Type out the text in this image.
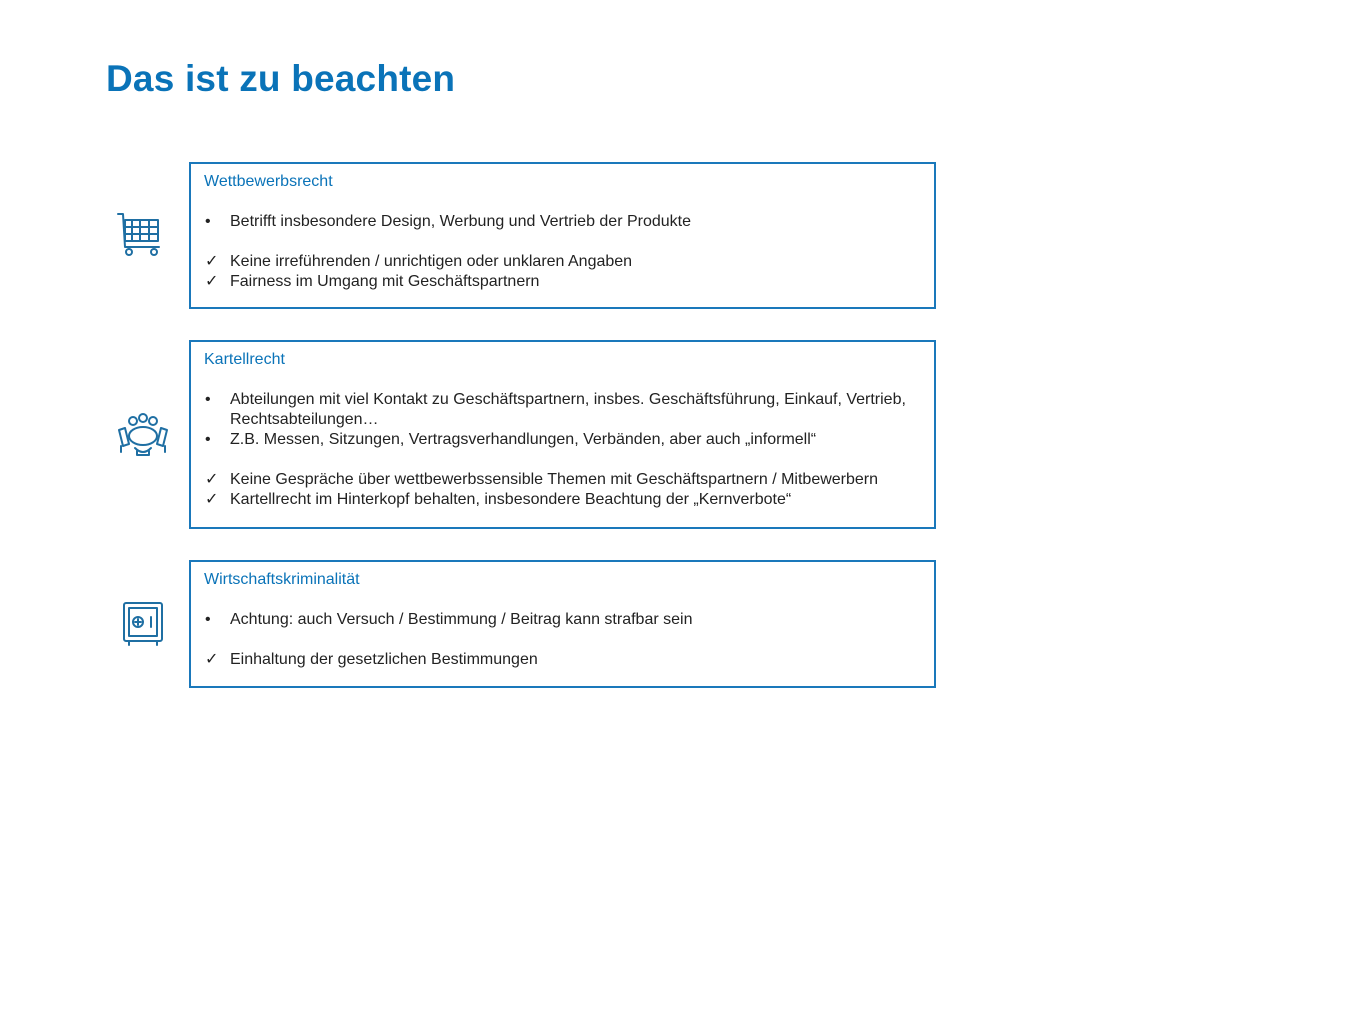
Das ist zu beachten
Wettbewerbsrecht
•	Betrifft insbesondere Design, Werbung und Vertrieb der Produkte
✓ Keine irreführenden / unrichtigen oder unklaren Angaben
✓ Fairness im Umgang mit Geschäftspartnern
Kartellrecht
•	Abteilungen mit viel Kontakt zu Geschäftspartnern, insbes. Geschäftsführung, Einkauf, Vertrieb, Rechtsabteilungen…
•	Z.B. Messen, Sitzungen, Vertragsverhandlungen, Verbänden, aber auch „informell“
✓ Keine Gespräche über wettbewerbssensible Themen mit Geschäftspartnern / Mitbewerbern
✓ Kartellrecht im Hinterkopf behalten, insbesondere Beachtung der „Kernverbote“
Wirtschaftskriminalität
•	Achtung: auch Versuch / Bestimmung / Beitrag kann strafbar sein
✓ Einhaltung der gesetzlichen Bestimmungen
